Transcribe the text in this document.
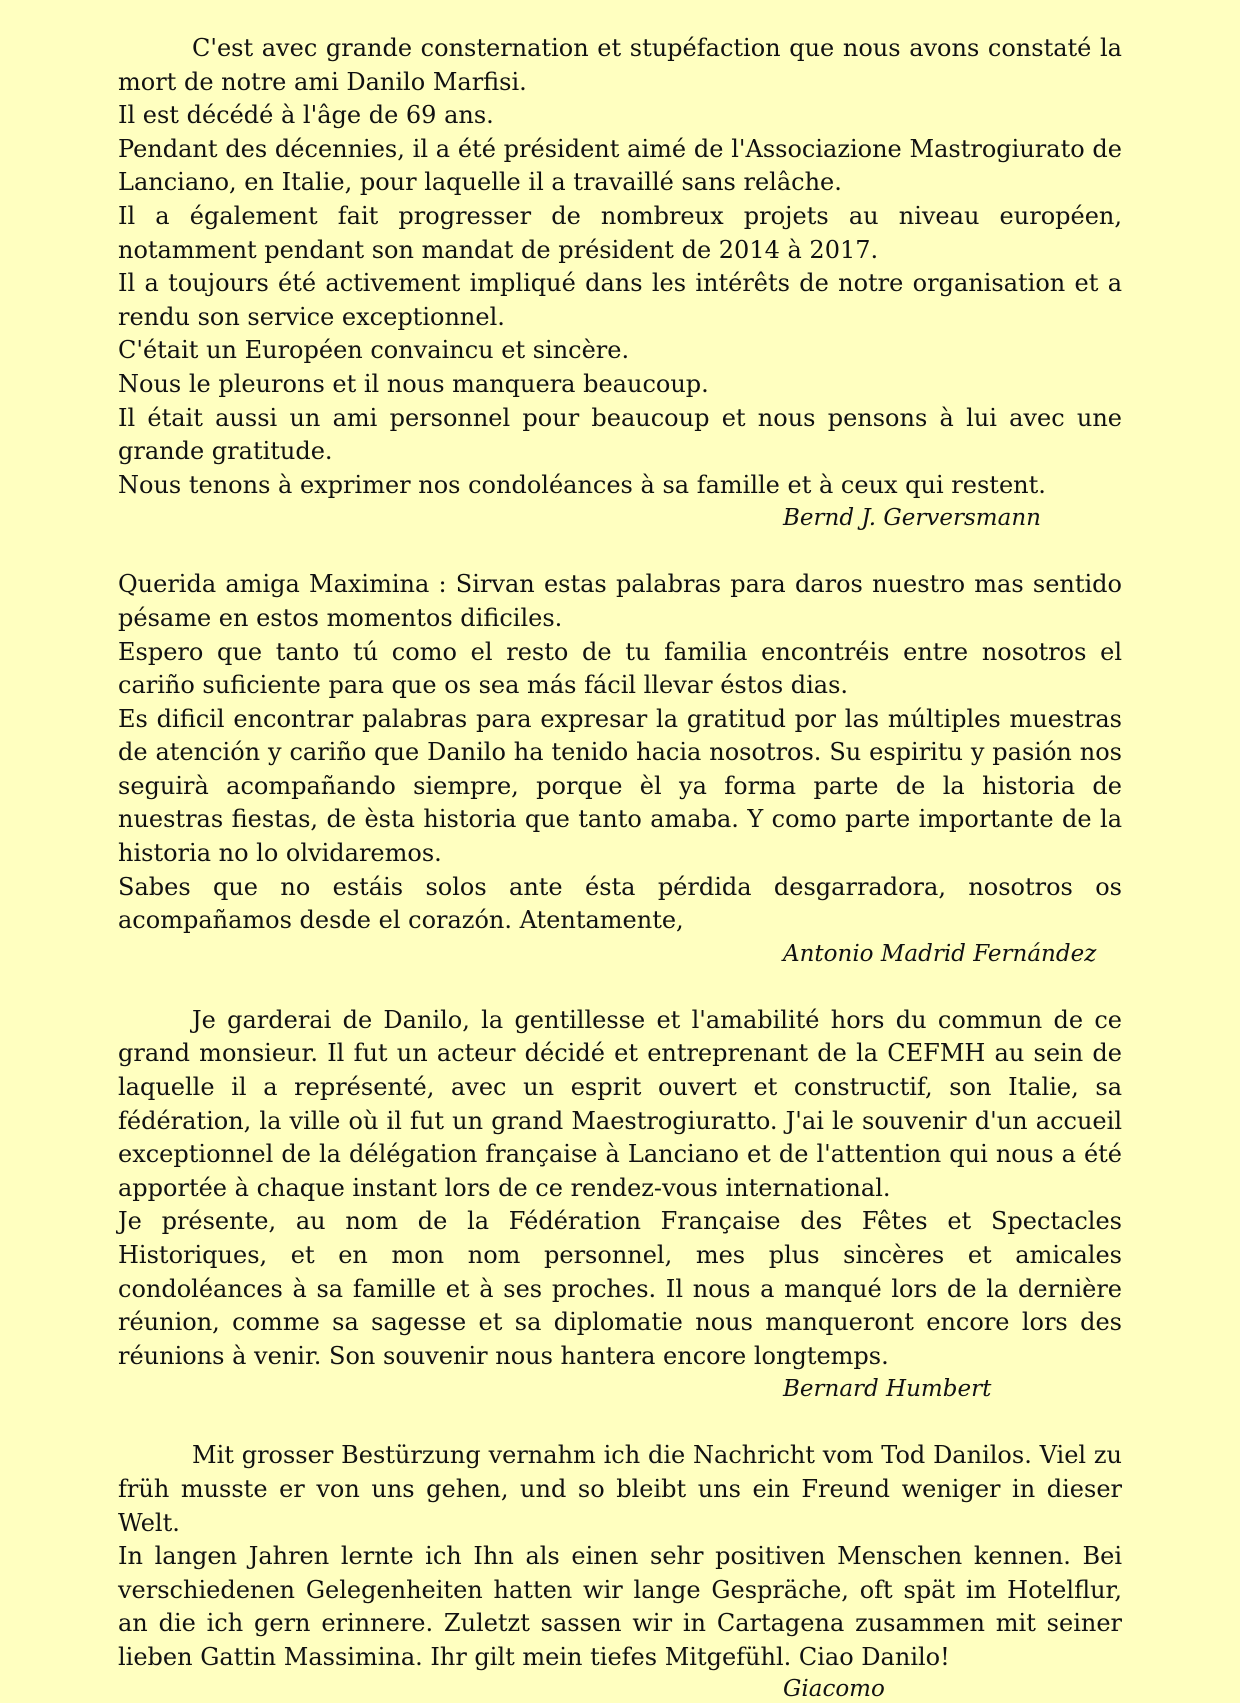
C'est avec grande consternation et stupéfaction que nous avons constaté la mort de notre ami Danilo Marfisi.

Il est décédé à l'âge de 69 ans.

Pendant des décennies, il a été président aimé de l'Associazione Mastrogiurato de Lanciano, en Italie, pour laquelle il a travaillé sans relâche.

Il a également fait progresser de nombreux projets au niveau européen, notamment pendant son mandat de président de 2014 à 2017.

Il a toujours été activement impliqué dans les intérêts de notre organisation et a rendu son service exceptionnel.

C'était un Européen convaincu et sincère.

Nous le pleurons et il nous manquera beaucoup.

Il était aussi un ami personnel pour beaucoup et nous pensons à lui avec une grande gratitude.

Nous tenons à exprimer nos condoléances à sa famille et à ceux qui restent.

Bernd J. Gerversmann

Querida amiga Maximina : Sirvan estas palabras para daros nuestro mas sentido pésame en estos momentos dificiles.

Espero que tanto tú como el resto de tu familia encontréis entre nosotros el cariño suficiente para que os sea más fácil llevar éstos dias.

Es dificil encontrar palabras para expresar la gratitud por las múltiples muestras de atención y cariño que Danilo ha tenido hacia nosotros. Su espiritu y pasión nos seguirà acompañando siempre, porque èl ya forma parte de la historia de nuestras fiestas, de èsta historia que tanto amaba. Y como parte importante de la historia no lo olvidaremos.

Sabes que no estáis solos ante ésta pérdida desgarradora, nosotros os acompañamos desde el corazón. Atentamente,

Antonio Madrid Fernández

Je garderai de Danilo, la gentillesse et l'amabilité hors du commun de ce grand monsieur. Il fut un acteur décidé et entreprenant de la CEFMH au sein de laquelle il a représenté, avec un esprit ouvert et constructif, son Italie, sa fédération, la ville où il fut un grand Maestrogiuratto. J'ai le souvenir d'un accueil exceptionnel de la délégation française à Lanciano et de l'attention qui nous a été apportée à chaque instant lors de ce rendez-vous international.

Je présente, au nom de la Fédération Française des Fêtes et Spectacles Historiques, et en mon nom personnel, mes plus sincères et amicales condoléances à sa famille et à ses proches. Il nous a manqué lors de la dernière réunion, comme sa sagesse et sa diplomatie nous manqueront encore lors des réunions à venir. Son souvenir nous hantera encore longtemps.

Bernard Humbert

Mit grosser Bestürzung vernahm ich die Nachricht vom Tod Danilos. Viel zu früh musste er von uns gehen, und so bleibt uns ein Freund weniger in dieser Welt.

In langen Jahren lernte ich Ihn als einen sehr positiven Menschen kennen. Bei verschiedenen Gelegenheiten hatten wir lange Gespräche, oft spät im Hotelflur, an die ich gern erinnere. Zuletzt sassen wir in Cartagena zusammen mit seiner lieben Gattin Massimina. Ihr gilt mein tiefes Mitgefühl. Ciao Danilo!

Giacomo
